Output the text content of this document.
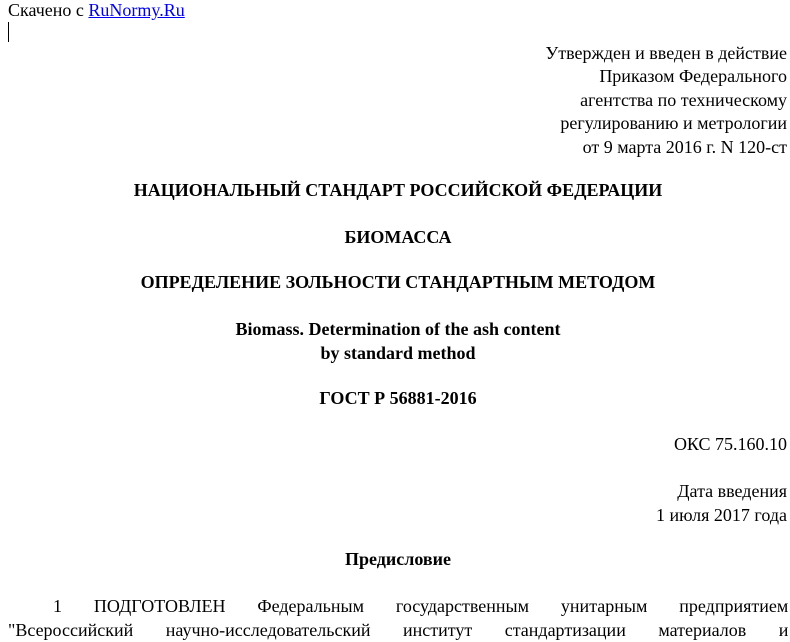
Скачено с RuNormy.Ru
Утвержден и введен в действие
Приказом Федерального
агентства по техническому
регулированию и метрологии
от 9 марта 2016 г. N 120-ст
НАЦИОНАЛЬНЫЙ СТАНДАРТ РОССИЙСКОЙ ФЕДЕРАЦИИ
БИОМАССА
ОПРЕДЕЛЕНИЕ ЗОЛЬНОСТИ СТАНДАРТНЫМ МЕТОДОМ
Biomass. Determination of the ash content
by standard method
ГОСТ Р 56881-2016
ОКС 75.160.10
Дата введения
1 июля 2017 года
Предисловие
1 ПОДГОТОВЛЕН Федеральным государственным унитарным предприятием
"Всероссийский научно-исследовательский институт стандартизации материалов и
